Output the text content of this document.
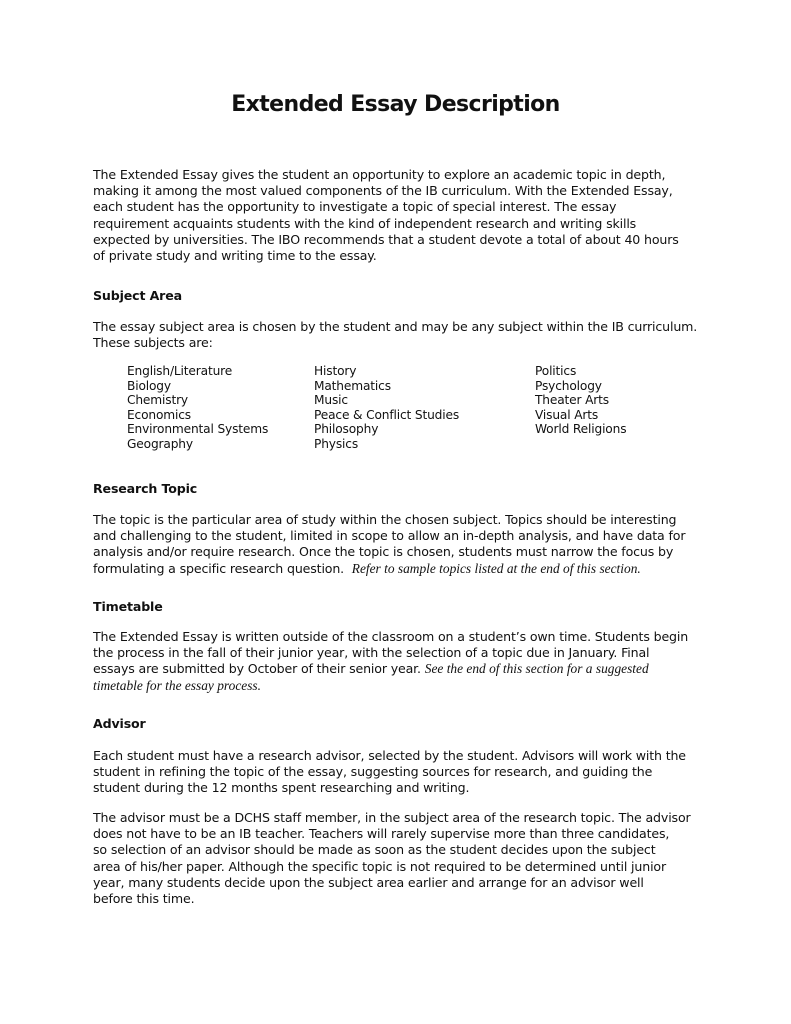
Extended Essay Description

The Extended Essay gives the student an opportunity to explore an academic topic in depth,
making it among the most valued components of the IB curriculum. With the Extended Essay,
each student has the opportunity to investigate a topic of special interest. The essay
requirement acquaints students with the kind of independent research and writing skills
expected by universities. The IBO recommends that a student devote a total of about 40 hours
of private study and writing time to the essay.

Subject Area

The essay subject area is chosen by the student and may be any subject within the IB curriculum.
These subjects are:

English/Literature
Biology
Chemistry
Economics
Environmental Systems
Geography
History
Mathematics
Music
Peace & Conflict Studies
Philosophy
Physics
Politics
Psychology
Theater Arts
Visual Arts
World Religions
Research Topic

The topic is the particular area of study within the chosen subject. Topics should be interesting
and challenging to the student, limited in scope to allow an in-depth analysis, and have data for
analysis and/or require research. Once the topic is chosen, students must narrow the focus by
formulating a specific research question. Refer to sample topics listed at the end of this section.

Timetable

The Extended Essay is written outside of the classroom on a student’s own time. Students begin
the process in the fall of their junior year, with the selection of a topic due in January. Final
essays are submitted by October of their senior year. See the end of this section for a suggested
timetable for the essay process.

Advisor

Each student must have a research advisor, selected by the student. Advisors will work with the
student in refining the topic of the essay, suggesting sources for research, and guiding the
student during the 12 months spent researching and writing.

The advisor must be a DCHS staff member, in the subject area of the research topic. The advisor
does not have to be an IB teacher. Teachers will rarely supervise more than three candidates,
so selection of an advisor should be made as soon as the student decides upon the subject
area of his/her paper. Although the specific topic is not required to be determined until junior
year, many students decide upon the subject area earlier and arrange for an advisor well
before this time.
